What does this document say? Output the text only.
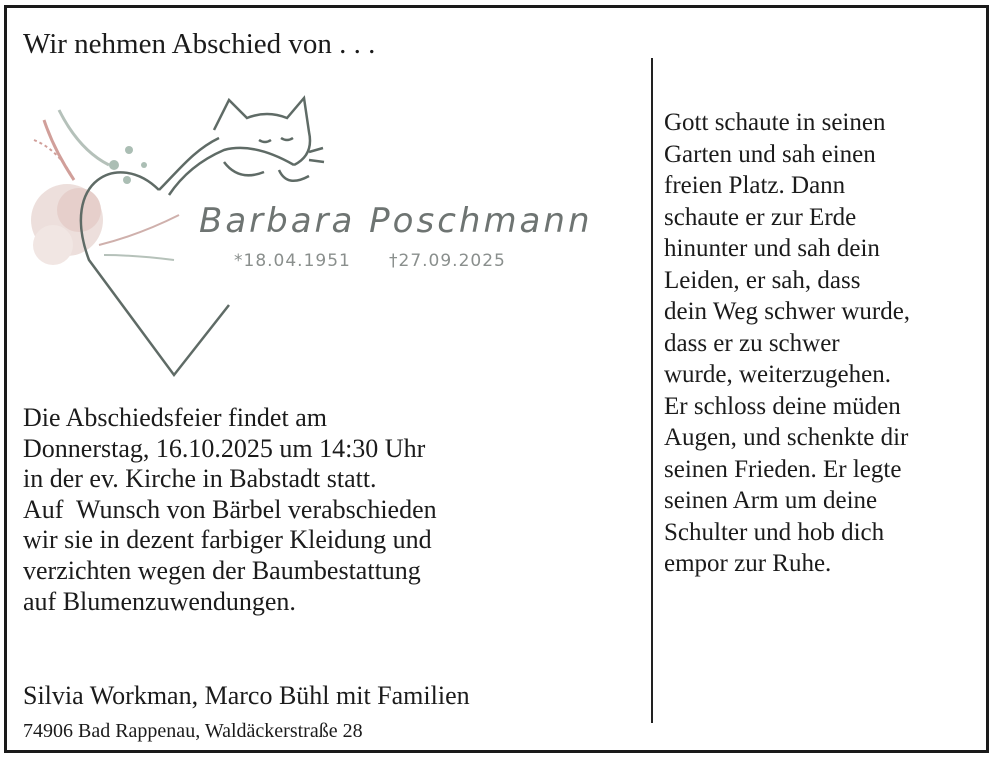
Wir nehmen Abschied von . . .
Barbara Poschmann
*18.04.1951 †27.09.2025
Die Abschiedsfeier findet am
Donnerstag, 16.10.2025 um 14:30 Uhr
in der ev. Kirche in Babstadt statt.
Auf  Wunsch von Bärbel verabschieden
wir sie in dezent farbiger Kleidung und
verzichten wegen der Baumbestattung
auf Blumenzuwendungen.
Silvia Workman, Marco Bühl mit Familien
74906 Bad Rappenau, Waldäckerstraße 28
Gott schaute in seinen
Garten und sah einen
freien Platz. Dann
schaute er zur Erde
hinunter und sah dein
Leiden, er sah, dass
dein Weg schwer wurde,
dass er zu schwer
wurde, weiterzugehen.
Er schloss deine müden
Augen, und schenkte dir
seinen Frieden. Er legte
seinen Arm um deine
Schulter und hob dich
empor zur Ruhe.
